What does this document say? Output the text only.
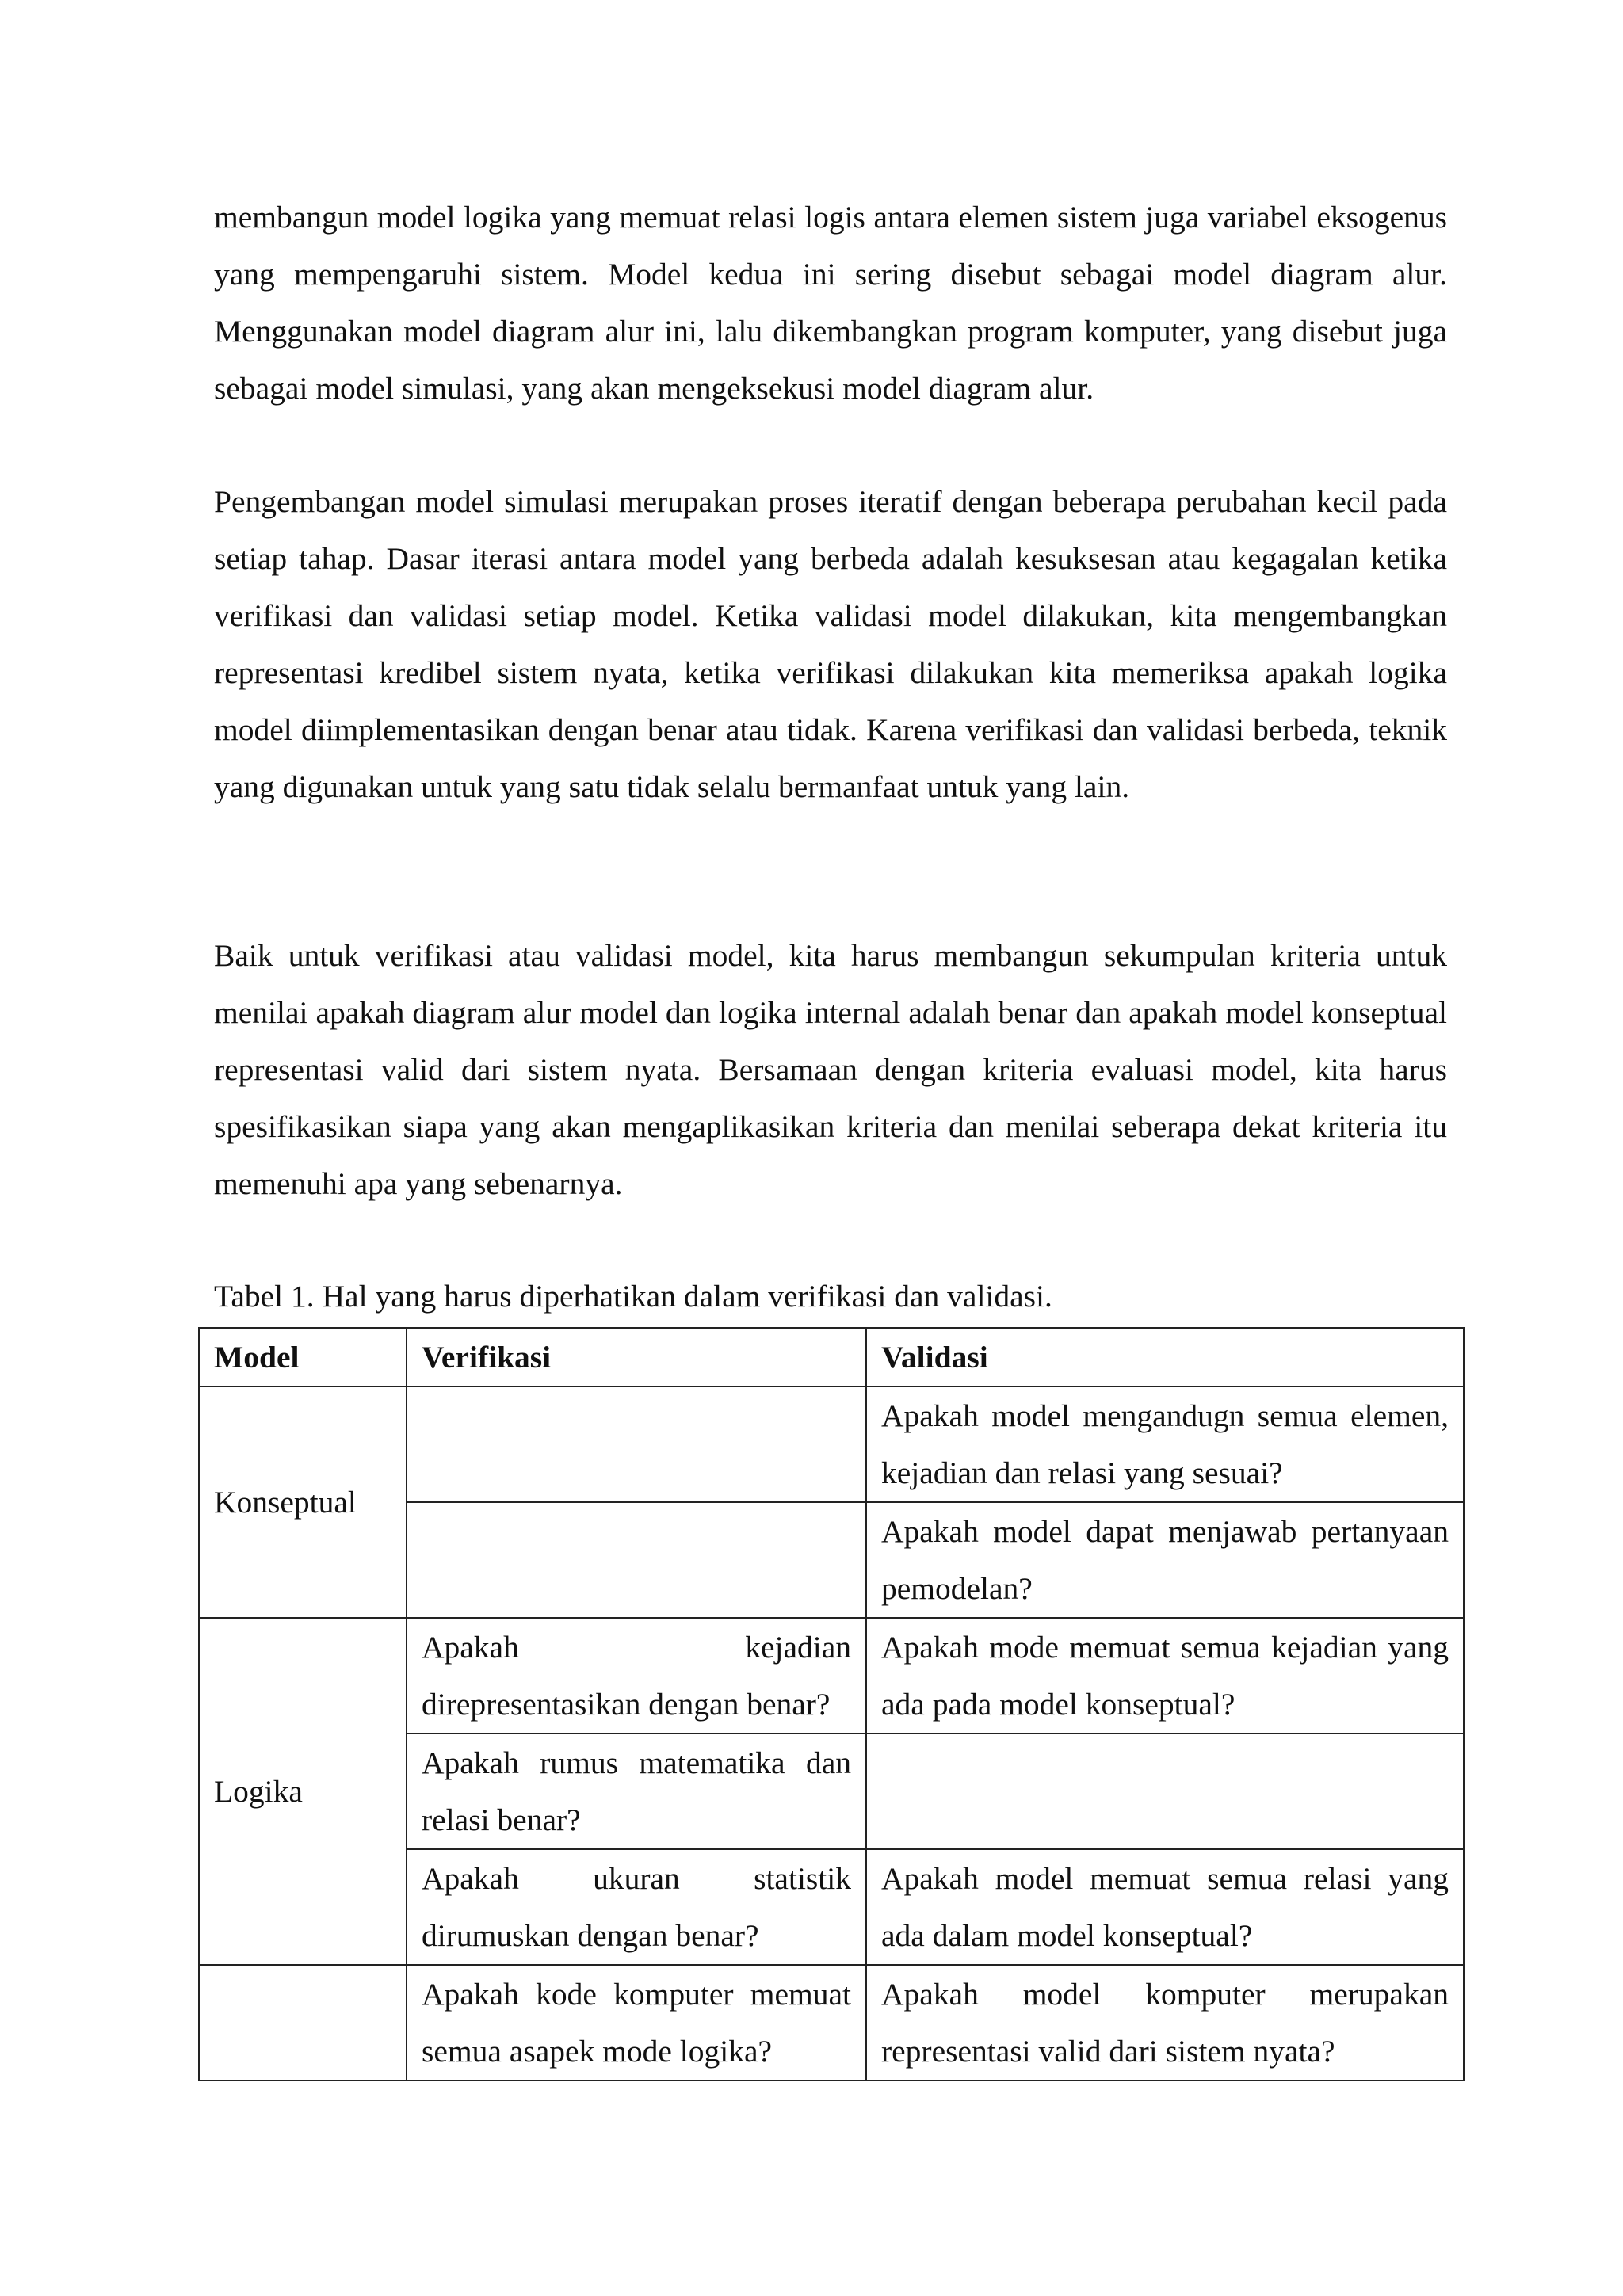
membangun model logika yang memuat relasi logis antara elemen sistem juga variabel eksogenus yang mempengaruhi sistem. Model kedua ini sering disebut sebagai model diagram alur. Menggunakan model diagram alur ini, lalu dikembangkan program komputer, yang disebut juga sebagai model simulasi, yang akan mengeksekusi model diagram alur.

Pengembangan model simulasi merupakan proses iteratif dengan beberapa perubahan kecil pada setiap tahap. Dasar iterasi antara model yang berbeda adalah kesuksesan atau kegagalan ketika verifikasi dan validasi setiap model. Ketika validasi model dilakukan, kita mengembangkan representasi kredibel sistem nyata, ketika verifikasi dilakukan kita memeriksa apakah logika model diimplementasikan dengan benar atau tidak. Karena verifikasi dan validasi berbeda, teknik yang digunakan untuk yang satu tidak selalu bermanfaat untuk yang lain.

Baik untuk verifikasi atau validasi model, kita harus membangun sekumpulan kriteria untuk menilai apakah diagram alur model dan logika internal adalah benar dan apakah model konseptual representasi valid dari sistem nyata. Bersamaan dengan kriteria evaluasi model, kita harus spesifikasikan siapa yang akan mengaplikasikan kriteria dan menilai seberapa dekat kriteria itu memenuhi apa yang sebenarnya.

Tabel 1. Hal yang harus diperhatikan dalam verifikasi dan validasi.

Model	Verifikasi	Validasi
Konseptual		Apakah model mengandugn semua elemen, kejadian dan relasi yang sesuai?
		Apakah model dapat menjawab pertanyaan pemodelan?
Logika	Apakah kejadian direpresentasikan dengan benar?	Apakah mode memuat semua kejadian yang ada pada model konseptual?
	Apakah rumus matematika dan relasi benar?	
	Apakah ukuran statistik dirumuskan dengan benar?	Apakah model memuat semua relasi yang ada dalam model konseptual?
	Apakah kode komputer memuat semua asapek mode logika?	Apakah model komputer merupakan representasi valid dari sistem nyata?
